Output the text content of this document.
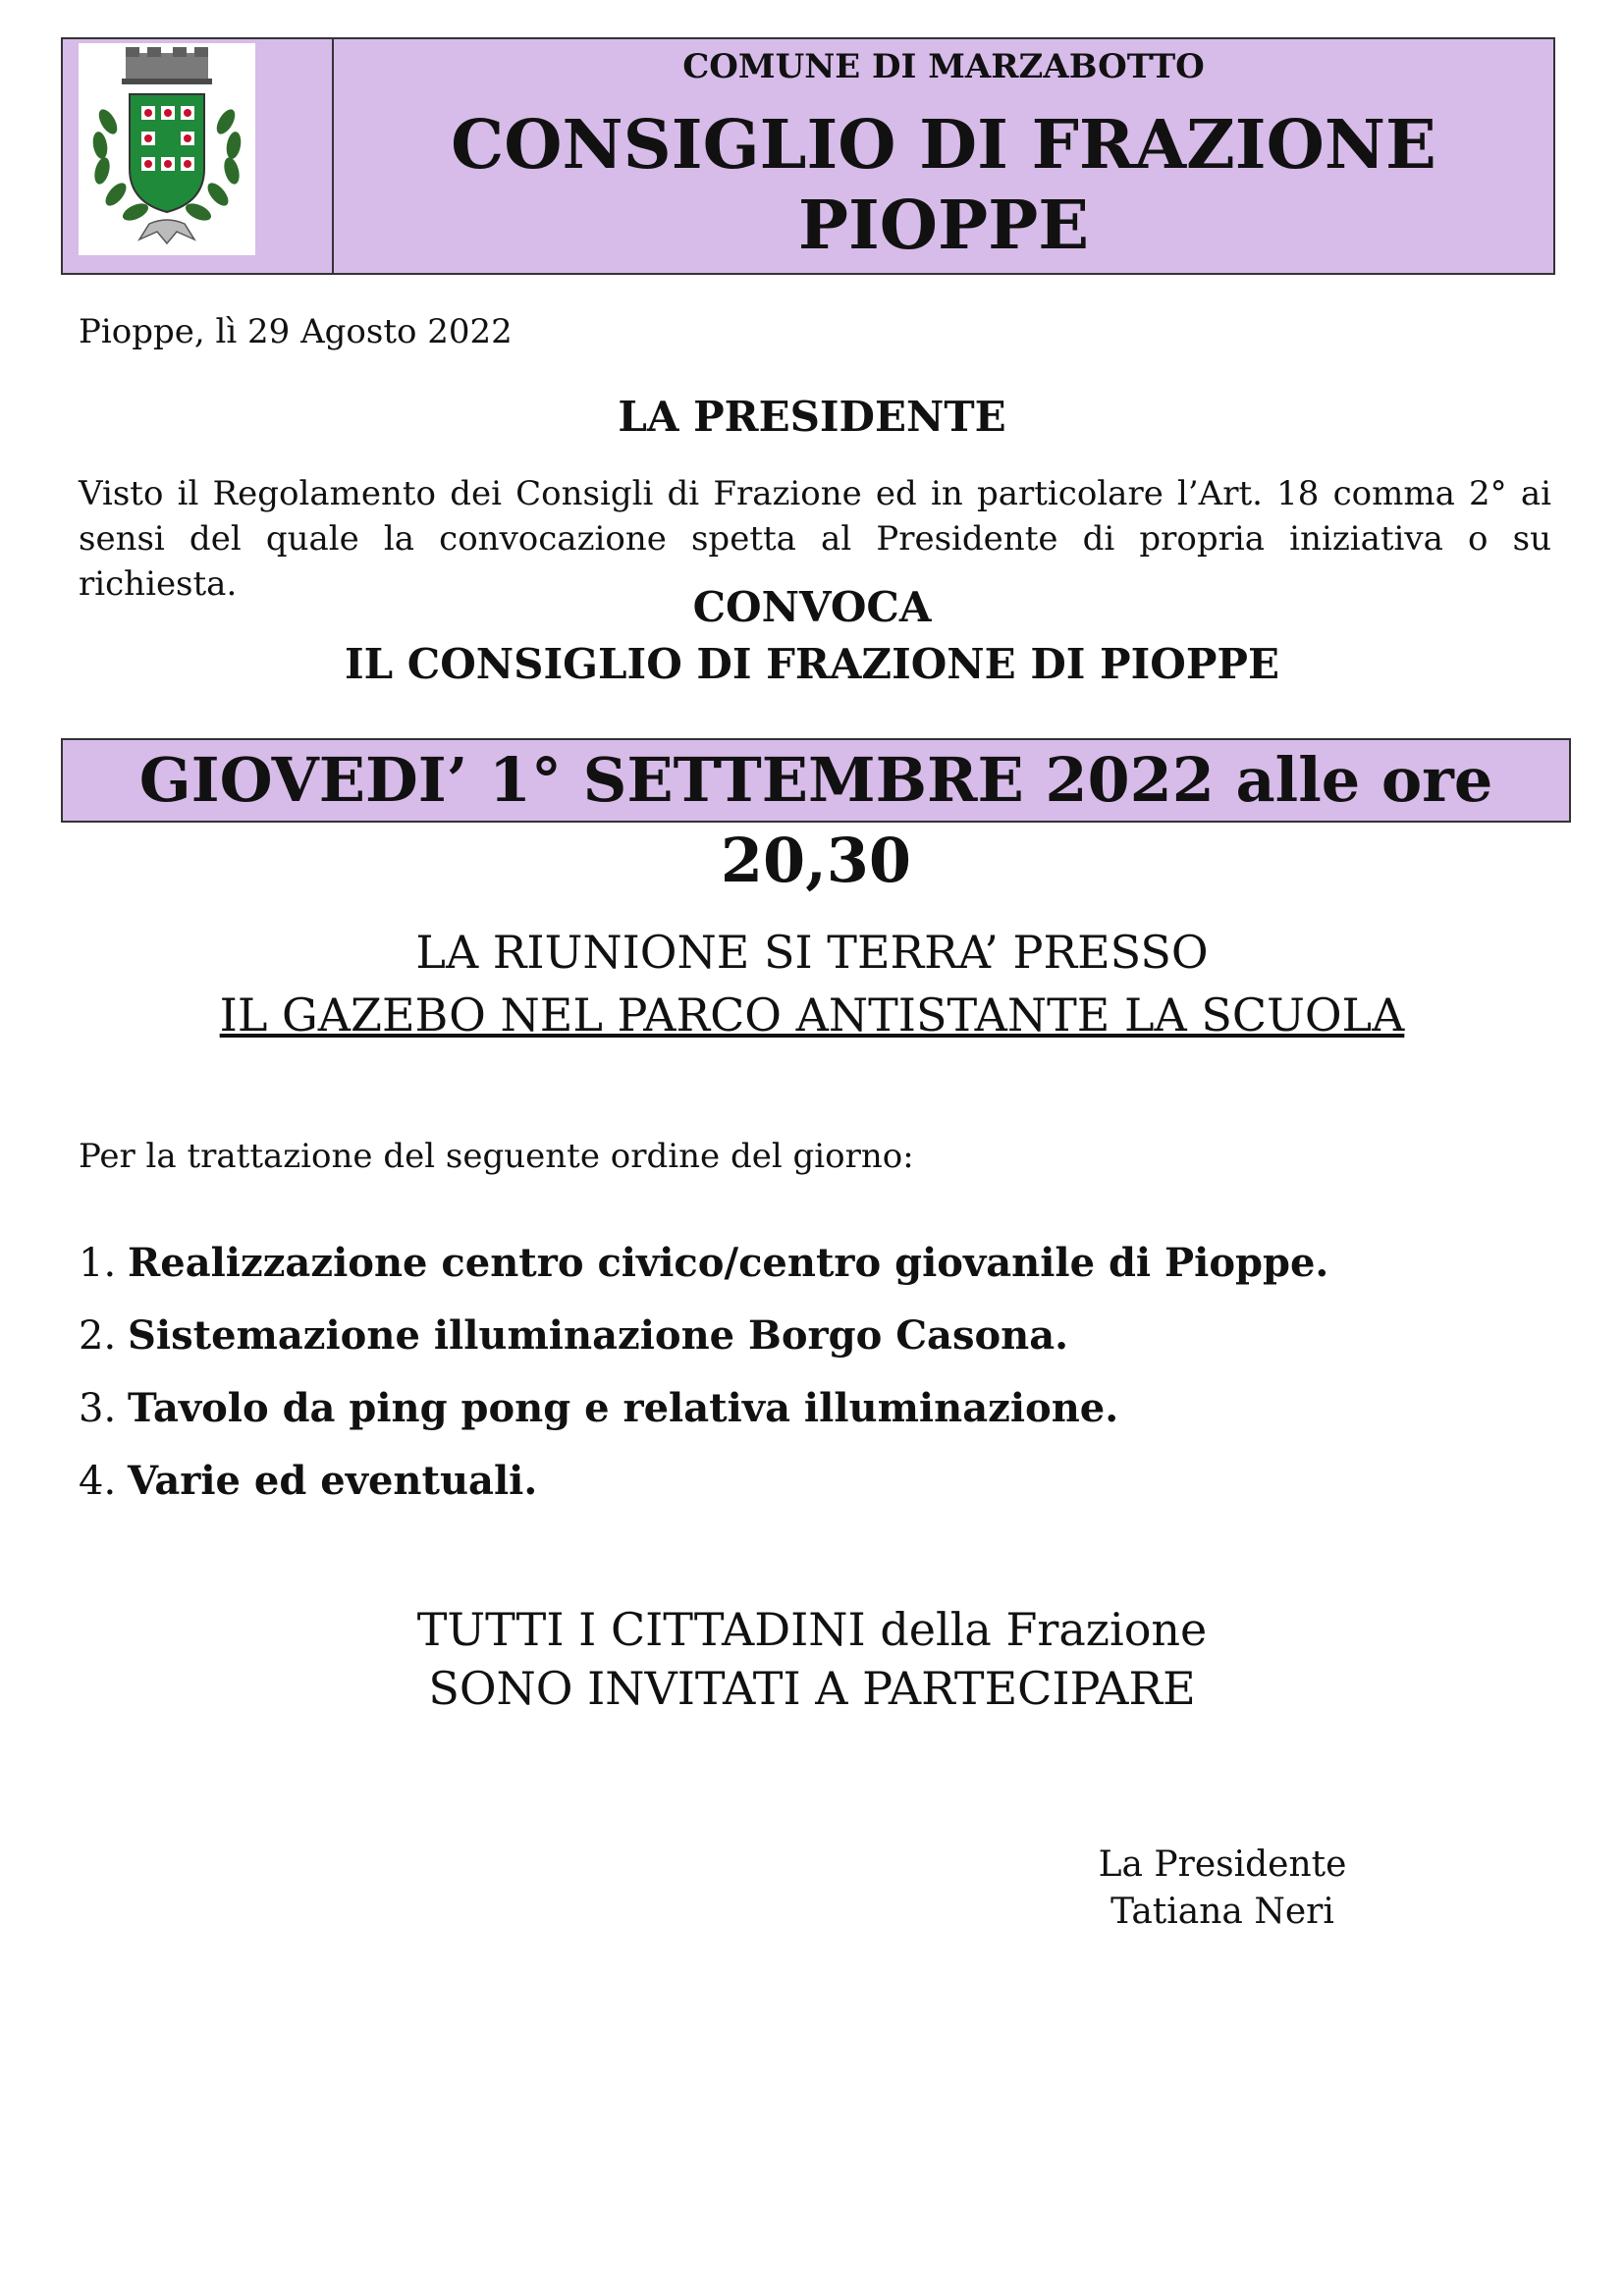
COMUNE DI MARZABOTTO
CONSIGLIO DI FRAZIONE
PIOPPE
Pioppe, lì 29 Agosto 2022
LA PRESIDENTE
Visto il Regolamento dei Consigli di Frazione ed in particolare l’Art. 18 comma 2° ai sensi del quale la convocazione spetta al Presidente di propria iniziativa o su richiesta.	CONVOCA
IL CONSIGLIO DI FRAZIONE DI PIOPPE
GIOVEDI’ 1° SETTEMBRE 2022 alle ore 20,30
LA RIUNIONE SI TERRA’ PRESSO
IL GAZEBO NEL PARCO ANTISTANTE LA SCUOLA
Per la trattazione del seguente ordine del giorno:
1. Realizzazione centro civico/centro giovanile di Pioppe.
2. Sistemazione illuminazione Borgo Casona.
3. Tavolo da ping pong e relativa illuminazione.
4. Varie ed eventuali.
TUTTI I CITTADINI della Frazione
SONO INVITATI A PARTECIPARE
La Presidente
Tatiana Neri
